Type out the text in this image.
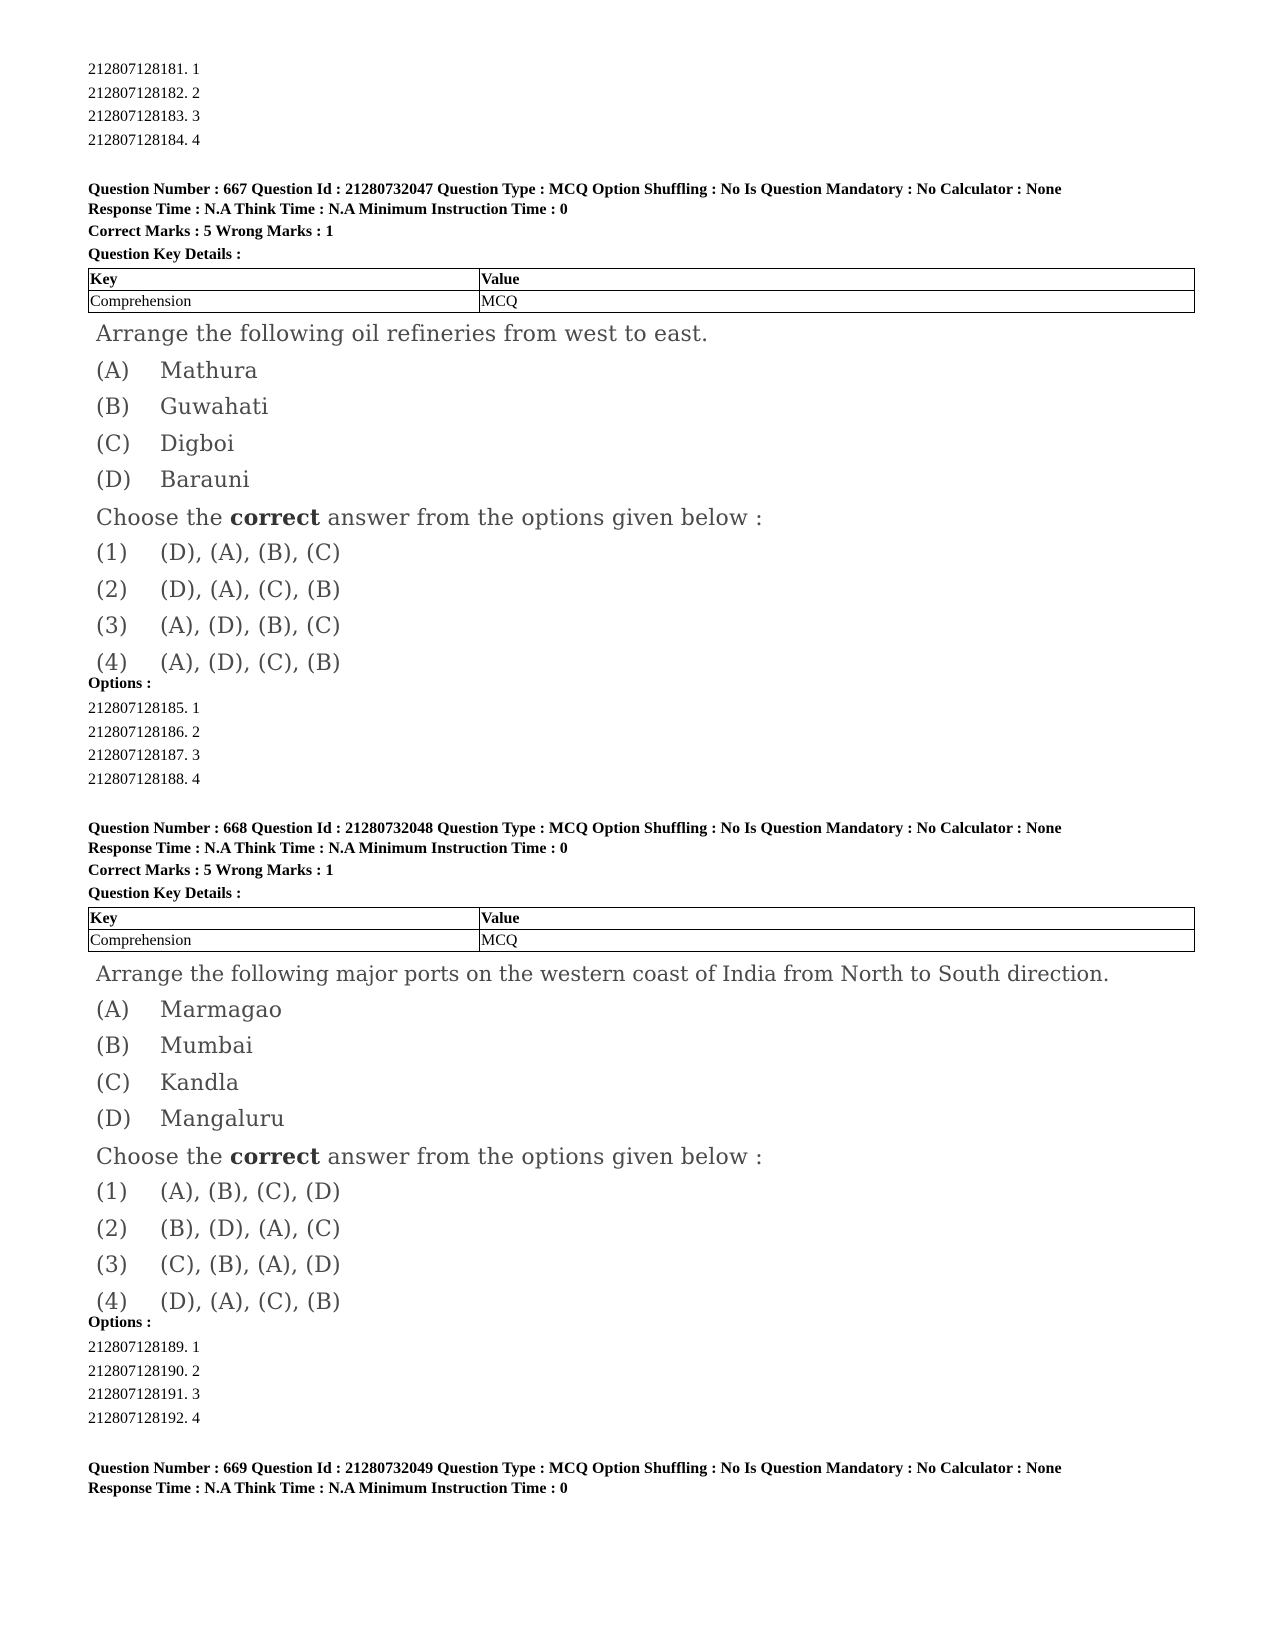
212807128181. 1
212807128182. 2
212807128183. 3
212807128184. 4
Question Number : 667 Question Id : 21280732047 Question Type : MCQ Option Shuffling : No Is Question Mandatory : No Calculator : None
Response Time : N.A Think Time : N.A Minimum Instruction Time : 0
Correct Marks : 5 Wrong Marks : 1
Question Key Details :
Key	Value
Comprehension	MCQ
Arrange the following oil refineries from west to east.
(A) Mathura
(B) Guwahati
(C) Digboi
(D) Barauni
Choose the correct answer from the options given below :
(1) (D), (A), (B), (C)
(2) (D), (A), (C), (B)
(3) (A), (D), (B), (C)
(4) (A), (D), (C), (B)
Options :
212807128185. 1
212807128186. 2
212807128187. 3
212807128188. 4
Question Number : 668 Question Id : 21280732048 Question Type : MCQ Option Shuffling : No Is Question Mandatory : No Calculator : None
Response Time : N.A Think Time : N.A Minimum Instruction Time : 0
Correct Marks : 5 Wrong Marks : 1
Question Key Details :
Key	Value
Comprehension	MCQ
Arrange the following major ports on the western coast of India from North to South direction.
(A) Marmagao
(B) Mumbai
(C) Kandla
(D) Mangaluru
Choose the correct answer from the options given below :
(1) (A), (B), (C), (D)
(2) (B), (D), (A), (C)
(3) (C), (B), (A), (D)
(4) (D), (A), (C), (B)
Options :
212807128189. 1
212807128190. 2
212807128191. 3
212807128192. 4
Question Number : 669 Question Id : 21280732049 Question Type : MCQ Option Shuffling : No Is Question Mandatory : No Calculator : None
Response Time : N.A Think Time : N.A Minimum Instruction Time : 0
